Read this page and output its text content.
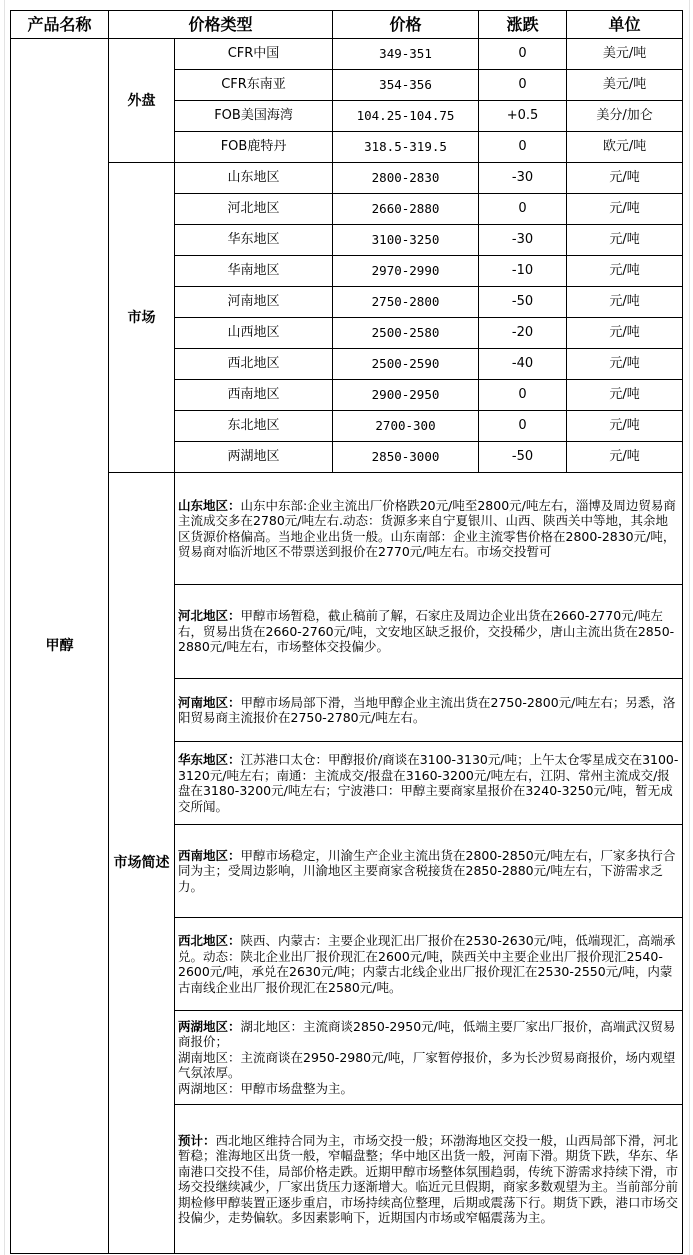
产品名称	价格类型		价格	涨跌	单位
甲醇	外盘	CFR中国	349-351	0	美元/吨
		CFR东南亚	354-356	0	美元/吨
		FOB美国海湾	104.25-104.75	+0.5	美分/加仑
		FOB鹿特丹	318.5-319.5	0	欧元/吨
	市场	山东地区	2800-2830	-30	元/吨
		河北地区	2660-2880	0	元/吨
		华东地区	3100-3250	-30	元/吨
		华南地区	2970-2990	-10	元/吨
		河南地区	2750-2800	-50	元/吨
		山西地区	2500-2580	-20	元/吨
		西北地区	2500-2590	-40	元/吨
		西南地区	2900-2950	0	元/吨
		东北地区	2700-300	0	元/吨
		两湖地区	2850-3000	-50	元/吨
	市场简述	山东地区：山东中东部:企业主流出厂价格跌20元/吨至2800元/吨左右，淄博及周边贸易商主流成交多在2780元/吨左右.动态：货源多来自宁夏银川、山西、陕西关中等地，其余地区货源价格偏高。当地企业出货一般。山东南部：企业主流零售价格在2800-2830元/吨，贸易商对临沂地区不带票送到报价在2770元/吨左右。市场交投暂可			
		河北地区：甲醇市场暂稳，截止稿前了解，石家庄及周边企业出货在2660-2770元/吨左右，贸易出货在2660-2760元/吨，文安地区缺乏报价，交投稀少，唐山主流出货在2850-2880元/吨左右，市场整体交投偏少。			
		河南地区：甲醇市场局部下滑，当地甲醇企业主流出货在2750-2800元/吨左右；另悉，洛阳贸易商主流报价在2750-2780元/吨左右。			
		华东地区：江苏港口太仓：甲醇报价/商谈在3100-3130元/吨；上午太仓零星成交在3100-3120元/吨左右；南通：主流成交/报盘在3160-3200元/吨左右，江阴、常州主流成交/报盘在3180-3200元/吨左右；宁波港口：甲醇主要商家星报价在3240-3250元/吨，暂无成交所闻。			
		西南地区：甲醇市场稳定，川渝生产企业主流出货在2800-2850元/吨左右，厂家多执行合同为主；受周边影响，川渝地区主要商家含税接货在2850-2880元/吨左右，下游需求乏力。			
		西北地区：陕西、内蒙古：主要企业现汇出厂报价在2530-2630元/吨，低端现汇，高端承兑。动态：陕北企业出厂报价现汇在2600元/吨，陕西关中主要企业出厂报价现汇2540-2600元/吨，承兑在2630元/吨；内蒙古北线企业出厂报价现汇在2530-2550元/吨，内蒙古南线企业出厂报价现汇在2580元/吨。			
		两湖地区：湖北地区：主流商谈2850-2950元/吨，低端主要厂家出厂报价，高端武汉贸易商报价；
湖南地区：主流商谈在2950-2980元/吨，厂家暂停报价，多为长沙贸易商报价，场内观望气氛浓厚。
两湖地区：甲醇市场盘整为主。			

		预计：西北地区维持合同为主，市场交投一般；环渤海地区交投一般，山西局部下滑，河北暂稳；淮海地区出货一般，窄幅盘整；华中地区出货一般，河南下滑。期货下跌，华东、华南港口交投不佳，局部价格走跌。近期甲醇市场整体氛围趋弱，传统下游需求持续下滑，市场交投继续减少，厂家出货压力逐渐增大。临近元旦假期，商家多数观望为主。当前部分前期检修甲醇装置正逐步重启，市场持续高位整理，后期或震荡下行。期货下跌，港口市场交投偏少，走势偏软。多因素影响下，近期国内市场或窄幅震荡为主。			
